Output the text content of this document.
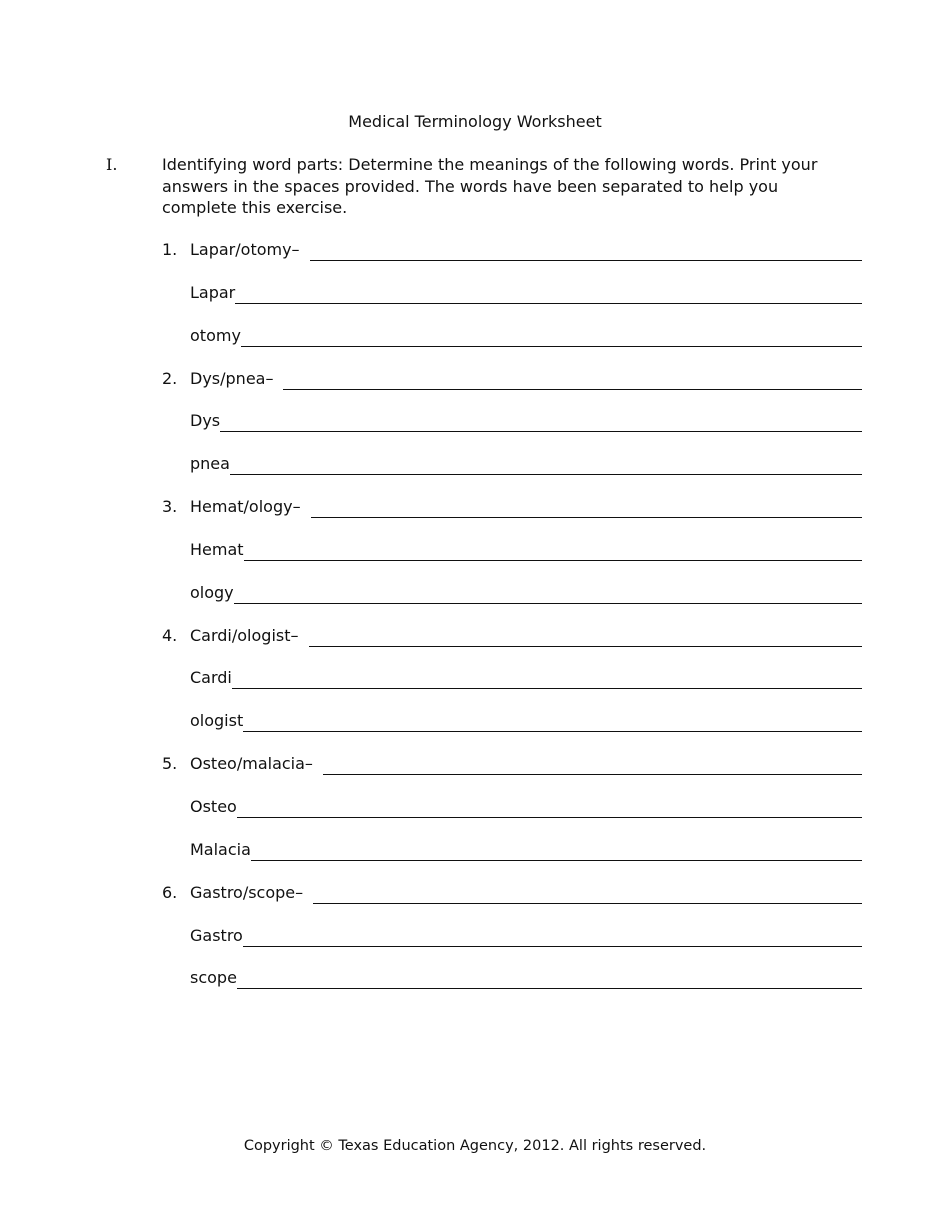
Medical Terminology Worksheet
I.	Identifying word parts: Determine the meanings of the following words. Print your answers in the spaces provided. The words have been separated to help you complete this exercise.
1. Lapar/otomy–
Lapar
otomy
2. Dys/pnea–
Dys
pnea
3. Hemat/ology–
Hemat
ology
4. Cardi/ologist–
Cardi
ologist
5. Osteo/malacia–
Osteo
Malacia
6. Gastro/scope–
Gastro
scope
Copyright © Texas Education Agency, 2012. All rights reserved.
